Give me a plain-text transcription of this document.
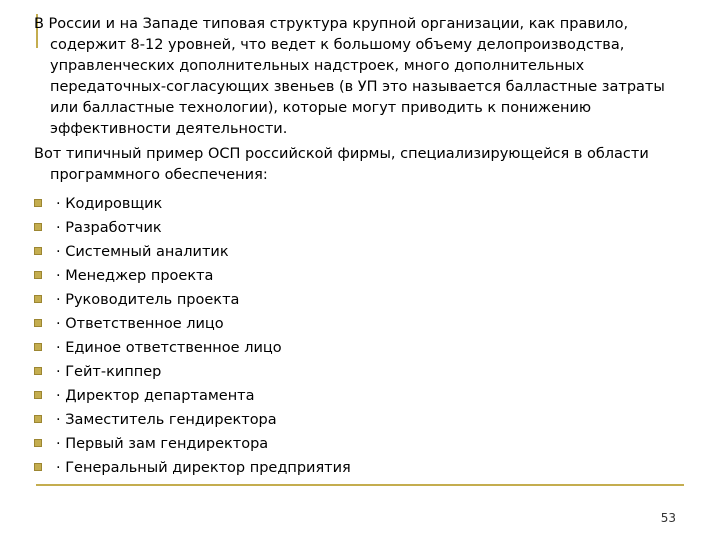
В России и на Западе типовая структура крупной организации, как правило, содержит 8-12 уровней, что ведет к большому объему делопроизводства, управленческих дополнительных надстроек, много дополнительных передаточных-согласующих звеньев (в УП это называется балластные затраты или балластные технологии), которые могут приводить к понижению эффективности деятельности.

Вот типичный пример ОСП российской фирмы, специализирующейся в области программного обеспечения:

· Кодировщик
· Разработчик
· Системный аналитик
· Менеджер проекта
· Руководитель проекта
· Ответственное лицо
· Единое ответственное лицо
· Гейт-киппер
· Директор департамента
· Заместитель гендиректора
· Первый зам гендиректора
· Генеральный директор предприятия
53
